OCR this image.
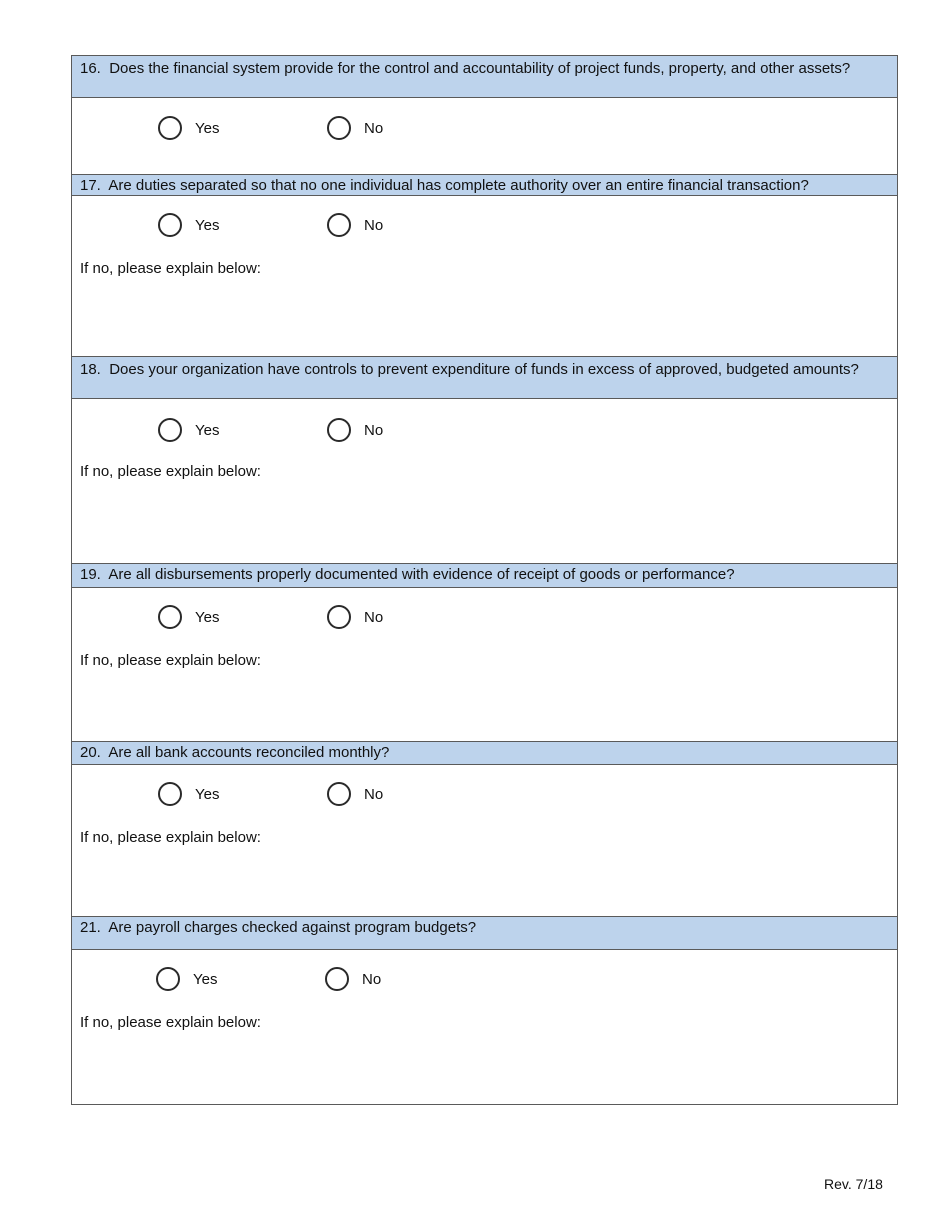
16. Does the financial system provide for the control and accountability of project funds, property, and other assets?
Yes	No
17. Are duties separated so that no one individual has complete authority over an entire financial transaction?
Yes	No
If no, please explain below:
18. Does your organization have controls to prevent expenditure of funds in excess of approved, budgeted amounts?
Yes	No
If no, please explain below:
19. Are all disbursements properly documented with evidence of receipt of goods or performance?
Yes	No
If no, please explain below:
20. Are all bank accounts reconciled monthly?
Yes	No
If no, please explain below:
21. Are payroll charges checked against program budgets?
Yes	No
If no, please explain below:
Rev. 7/18
